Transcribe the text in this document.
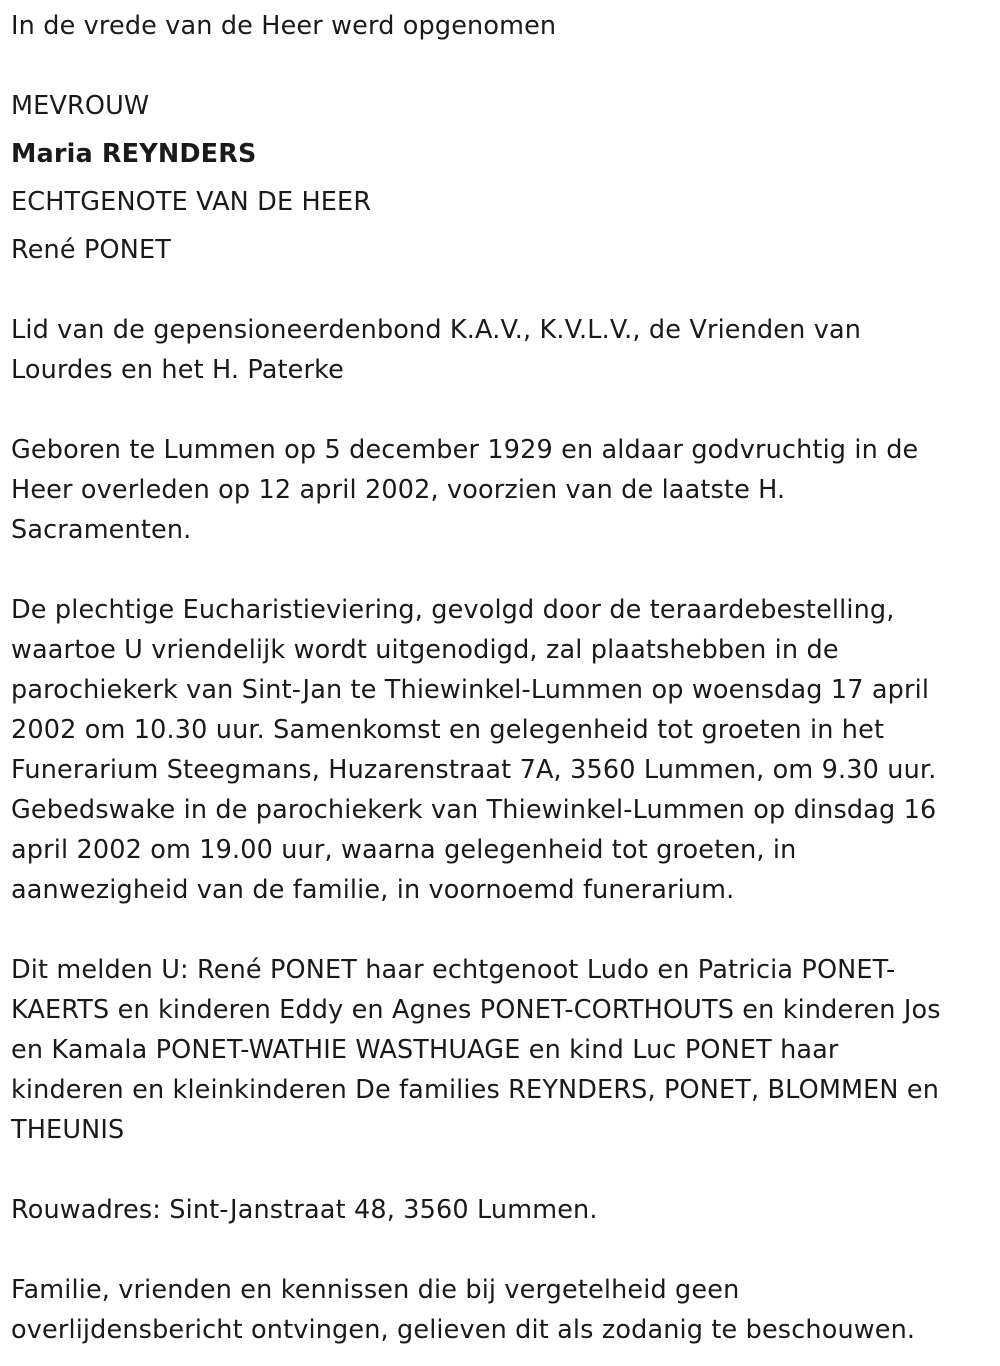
In de vrede van de Heer werd opgenomen

MEVROUW

Maria REYNDERS

ECHTGENOTE VAN DE HEER

René PONET

Lid van de gepensioneerdenbond K.A.V., K.V.L.V., de Vrienden van

Lourdes en het H. Paterke

Geboren te Lummen op 5 december 1929 en aldaar godvruchtig in de

Heer overleden op 12 april 2002, voorzien van de laatste H.

Sacramenten.

De plechtige Eucharistieviering, gevolgd door de teraardebestelling,

waartoe U vriendelijk wordt uitgenodigd, zal plaatshebben in de

parochiekerk van Sint-Jan te Thiewinkel-Lummen op woensdag 17 april

2002 om 10.30 uur. Samenkomst en gelegenheid tot groeten in het

Funerarium Steegmans, Huzarenstraat 7A, 3560 Lummen, om 9.30 uur.

Gebedswake in de parochiekerk van Thiewinkel-Lummen op dinsdag 16

april 2002 om 19.00 uur, waarna gelegenheid tot groeten, in

aanwezigheid van de familie, in voornoemd funerarium.

Dit melden U: René PONET haar echtgenoot Ludo en Patricia PONET-

KAERTS en kinderen Eddy en Agnes PONET-CORTHOUTS en kinderen Jos

en Kamala PONET-WATHIE WASTHUAGE en kind Luc PONET haar

kinderen en kleinkinderen De families REYNDERS, PONET, BLOMMEN en

THEUNIS

Rouwadres: Sint-Janstraat 48, 3560 Lummen.

Familie, vrienden en kennissen die bij vergetelheid geen

overlijdensbericht ontvingen, gelieven dit als zodanig te beschouwen.
